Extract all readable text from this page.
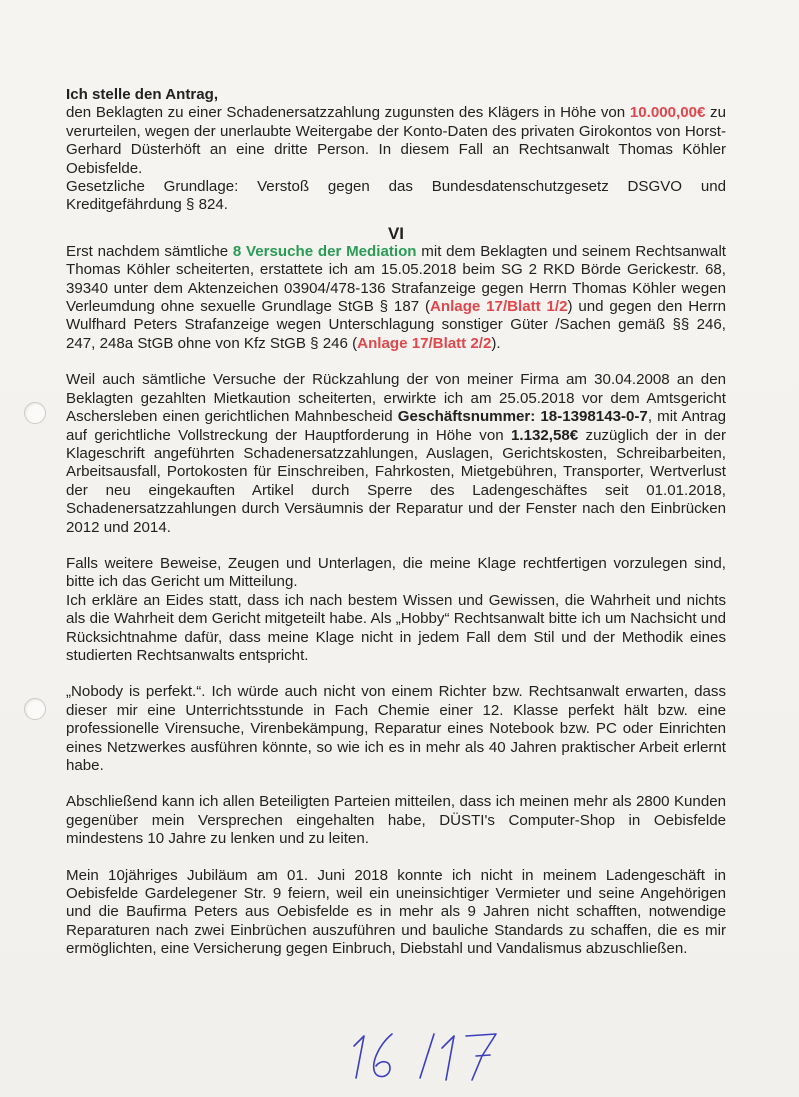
Ich stelle den Antrag,

den Beklagten zu einer Schadenersatzzahlung zugunsten des Klägers in Höhe von 10.000,00€ zu verurteilen, wegen der unerlaubte Weitergabe der Konto-Daten des privaten Girokontos von Horst-Gerhard Düsterhöft an eine dritte Person. In diesem Fall an Rechtsanwalt Thomas Köhler Oebisfelde.

Gesetzliche Grundlage: Verstoß gegen das Bundesdatenschutzgesetz DSGVO und Kreditgefährdung § 824.

VI

Erst nachdem sämtliche 8 Versuche der Mediation mit dem Beklagten und seinem Rechtsanwalt Thomas Köhler scheiterten, erstattete ich am 15.05.2018 beim SG 2 RKD Börde Gerickestr. 68, 39340 unter dem Aktenzeichen 03904/478-136 Strafanzeige gegen Herrn Thomas Köhler wegen Verleumdung ohne sexuelle Grundlage StGB § 187 (Anlage 17/Blatt 1/2) und gegen den Herrn Wulfhard Peters Strafanzeige wegen Unterschlagung sonstiger Güter /Sachen gemäß §§ 246, 247, 248a StGB ohne von Kfz StGB § 246 (Anlage 17/Blatt 2/2).

Weil auch sämtliche Versuche der Rückzahlung der von meiner Firma am 30.04.2008 an den Beklagten gezahlten Mietkaution scheiterten, erwirkte ich am 25.05.2018 vor dem Amtsgericht Aschersleben einen gerichtlichen Mahnbescheid Geschäftsnummer: 18-1398143-0-7, mit Antrag auf gerichtliche Vollstreckung der Hauptforderung in Höhe von 1.132,58€ zuzüglich der in der Klageschrift angeführten Schadenersatzzahlungen, Auslagen, Gerichtskosten, Schreibarbeiten, Arbeitsausfall, Portokosten für Einschreiben, Fahrkosten, Mietgebühren, Transporter, Wertverlust der neu eingekauften Artikel durch Sperre des Ladengeschäftes seit 01.01.2018, Schadenersatzzahlungen durch Versäumnis der Reparatur und der Fenster nach den Einbrücken 2012 und 2014.

Falls weitere Beweise, Zeugen und Unterlagen, die meine Klage rechtfertigen vorzulegen sind, bitte ich das Gericht um Mitteilung.

Ich erkläre an Eides statt, dass ich nach bestem Wissen und Gewissen, die Wahrheit und nichts als die Wahrheit dem Gericht mitgeteilt habe. Als „Hobby“ Rechtsanwalt bitte ich um Nachsicht und Rücksichtnahme dafür, dass meine Klage nicht in jedem Fall dem Stil und der Methodik eines studierten Rechtsanwalts entspricht.

„Nobody is perfekt.“. Ich würde auch nicht von einem Richter bzw. Rechtsanwalt erwarten, dass dieser mir eine Unterrichtsstunde in Fach Chemie einer 12. Klasse perfekt hält bzw. eine professionelle Virensuche, Virenbekämpung, Reparatur eines Notebook bzw. PC oder Einrichten eines Netzwerkes ausführen könnte, so wie ich es in mehr als 40 Jahren praktischer Arbeit erlernt habe.

Abschließend kann ich allen Beteiligten Parteien mitteilen, dass ich meinen mehr als 2800 Kunden gegenüber mein Versprechen eingehalten habe, DÜSTI's Computer-Shop in Oebisfelde mindestens 10 Jahre zu lenken und zu leiten.

Mein 10jähriges Jubiläum am 01. Juni 2018 konnte ich nicht in meinem Ladengeschäft in Oebisfelde Gardelegener Str. 9 feiern, weil ein uneinsichtiger Vermieter und seine Angehörigen und die Baufirma Peters aus Oebisfelde es in mehr als 9 Jahren nicht schafften, notwendige Reparaturen nach zwei Einbrüchen auszuführen und bauliche Standards zu schaffen, die es mir ermöglichten, eine Versicherung gegen Einbruch, Diebstahl und Vandalismus abzuschließen.
